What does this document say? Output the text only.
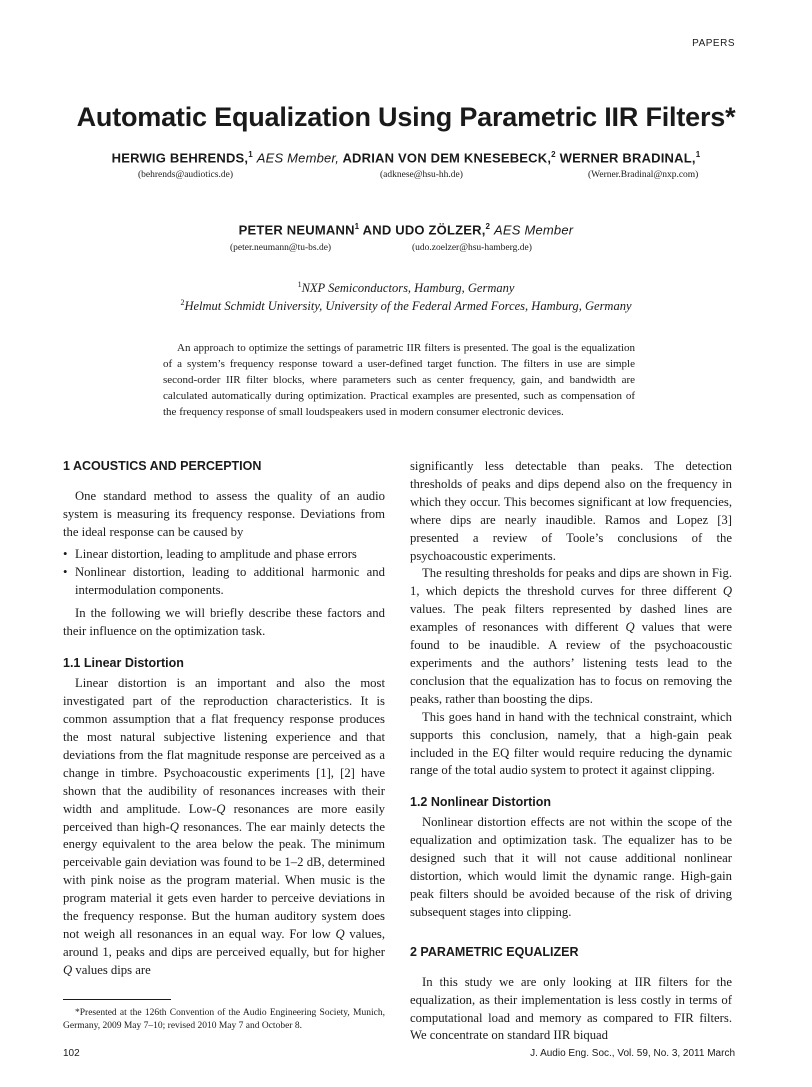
PAPERS
Automatic Equalization Using Parametric IIR Filters*
HERWIG BEHRENDS,$^1$ AES Member, ADRIAN VON DEM KNESEBECK,$^2$ WERNER BRADINAL,$^1$
(behrends@audiotics.de)	(adknese@hsu-hh.de)	(Werner.Bradinal@nxp.com)
PETER NEUMANN$^1$ AND UDO ZÖLZER,$^2$ AES Member
(peter.neumann@tu-bs.de)	(udo.zoelzer@hsu-hamberg.de)
$^1$NXP Semiconductors, Hamburg, Germany
$^2$Helmut Schmidt University, University of the Federal Armed Forces, Hamburg, Germany

An approach to optimize the settings of parametric IIR filters is presented. The goal is the equalization of a system’s frequency response toward a user-defined target function. The filters in use are simple second-order IIR filter blocks, where parameters such as center frequency, gain, and bandwidth are calculated automatically during optimization. Practical examples are presented, such as compensation of the frequency response of small loudspeakers used in modern consumer electronic devices.

1 ACOUSTICS AND PERCEPTION

One standard method to assess the quality of an audio system is measuring its frequency response. Deviations from the ideal response can be caused by

• Linear distortion, leading to amplitude and phase errors
• Nonlinear distortion, leading to additional harmonic and intermodulation components.

In the following we will briefly describe these factors and their influence on the optimization task.

1.1 Linear Distortion

Linear distortion is an important and also the most investigated part of the reproduction characteristics. It is common assumption that a flat frequency response produces the most natural subjective listening experience and that deviations from the flat magnitude response are perceived as a change in timbre. Psychoacoustic experiments [1], [2] have shown that the audibility of resonances increases with their width and amplitude. Low-Q resonances are more easily perceived than high-Q resonances. The ear mainly detects the energy equivalent to the area below the peak. The minimum perceivable gain deviation was found to be 1–2 dB, determined with pink noise as the program material. When music is the program material it gets even harder to perceive deviations in the frequency response. But the human auditory system does not weigh all resonances in an equal way. For low Q values, around 1, peaks and dips are perceived equally, but for higher Q values dips are

significantly less detectable than peaks. The detection thresholds of peaks and dips depend also on the frequency in which they occur. This becomes significant at low frequencies, where dips are nearly inaudible. Ramos and Lopez [3] presented a review of Toole’s conclusions of the psychoacoustic experiments.

The resulting thresholds for peaks and dips are shown in Fig. 1, which depicts the threshold curves for three different Q values. The peak filters represented by dashed lines are examples of resonances with different Q values that were found to be inaudible. A review of the psychoacoustic experiments and the authors’ listening tests lead to the conclusion that the equalization has to focus on removing the peaks, rather than boosting the dips.

This goes hand in hand with the technical constraint, which supports this conclusion, namely, that a high-gain peak included in the EQ filter would require reducing the dynamic range of the total audio system to protect it against clipping.

1.2 Nonlinear Distortion

Nonlinear distortion effects are not within the scope of the equalization and optimization task. The equalizer has to be designed such that it will not cause additional nonlinear distortion, which would limit the dynamic range. High-gain peak filters should be avoided because of the risk of driving subsequent stages into clipping.

2 PARAMETRIC EQUALIZER

In this study we are only looking at IIR filters for the equalization, as their implementation is less costly in terms of computational load and memory as compared to FIR filters. We concentrate on standard IIR biquad

*Presented at the 126th Convention of the Audio Engineering Society, Munich, Germany, 2009 May 7–10; revised 2010 May 7 and October 8.
102	J. Audio Eng. Soc., Vol. 59, No. 3, 2011 March
